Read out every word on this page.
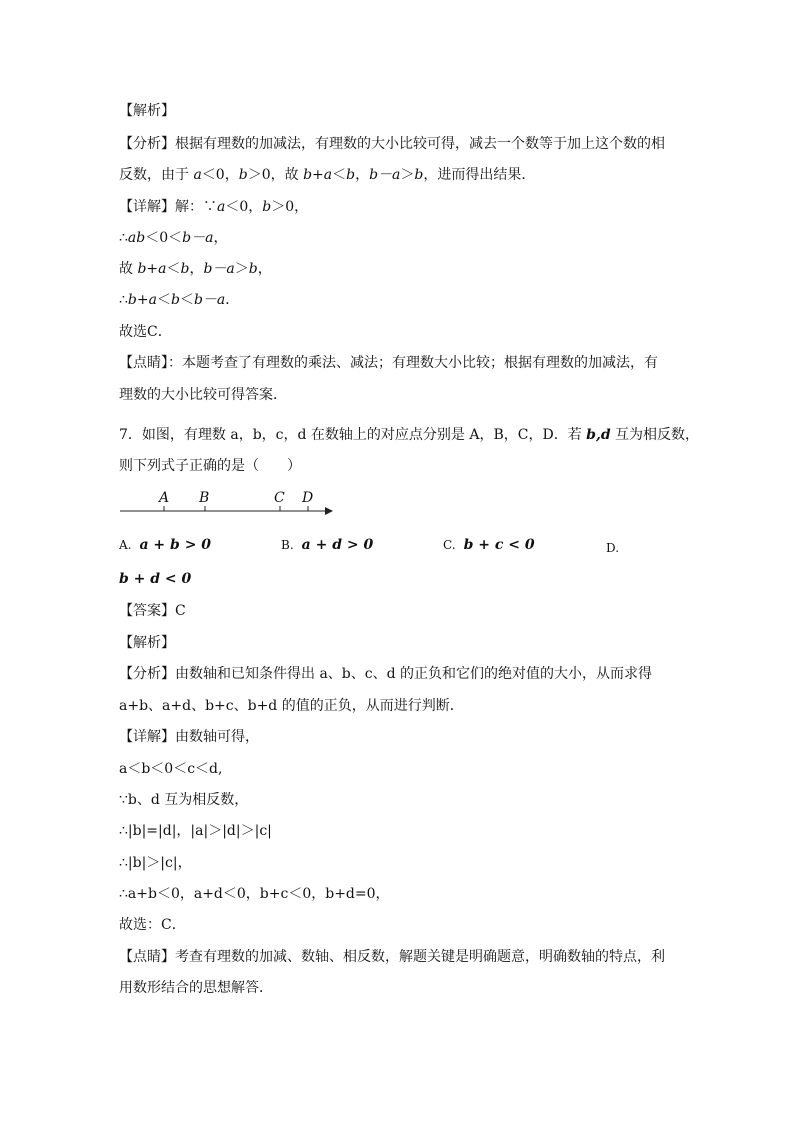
【解析】
【分析】根据有理数的加减法，有理数的大小比较可得，减去一个数等于加上这个数的相
反数，由于 a＜0，b＞0，故 b+a＜b，b－a＞b，进而得出结果．
【详解】解：∵a＜0，b＞0，
∴ab＜0＜b－a，
故 b+a＜b，b－a＞b，
∴b+a＜b＜b－a．
故选C．
【点睛】：本题考查了有理数的乘法、减法；有理数大小比较；根据有理数的加减法，有
理数的大小比较可得答案．
7．如图，有理数 a，b，c，d 在数轴上的对应点分别是 A，B，C，D．若 b,d 互为相反数，
则下列式子正确的是（　　）
A B	C D
A. a + b > 0	B. a + d > 0	C. b + c < 0	D.
b + d < 0
【答案】C
【解析】
【分析】由数轴和已知条件得出 a、b、c、d 的正负和它们的绝对值的大小，从而求得
a+b、a+d、b+c、b+d 的值的正负，从而进行判断．
【详解】由数轴可得，
a＜b＜0＜c＜d,
∵b、d 互为相反数，
∴|b|=|d|，|a|＞|d|＞|c|
∴|b|＞|c|，
∴a+b＜0，a+d＜0，b+c＜0，b+d=0，
故选：C．
【点睛】考查有理数的加减、数轴、相反数，解题关键是明确题意，明确数轴的特点，利
用数形结合的思想解答．
